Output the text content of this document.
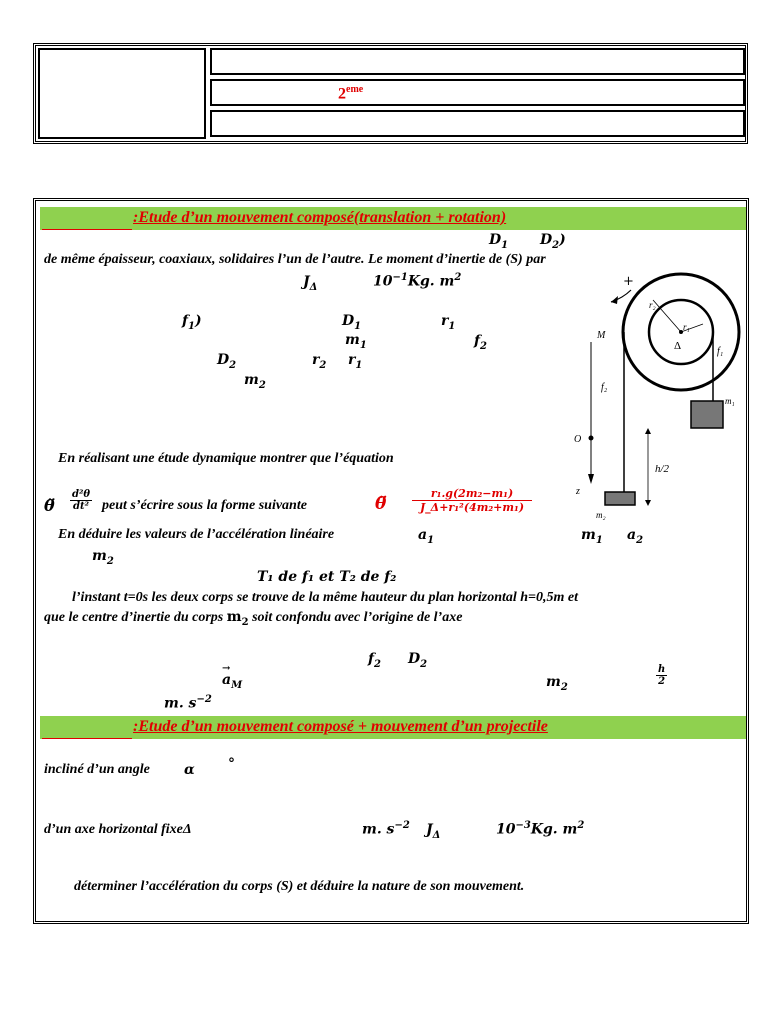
2eme
:Etude d’un mouvement composé(translation + rotation)
$D_1$ $D_2$)
de même épaisseur, coaxiaux, solidaires l’un de l’autre. Le moment d’inertie de (S) par
$J_\Delta$	$10^{-1}Kg$. $m^2$
$f_1$)	$D_1$	$r_1$
$m_1$	$f_2$
$D_2$	$r_2$ $r_1$
$m_2$
+
r₂
r₁
Δ
M
f₁
f₂
m₁
O
z
m₂
h/2
En réalisant une étude dynamique montrer que l’équation
θ̈ $\frac{\text{d²θ}}{\text{dt²}}$ peut s’écrire sous la forme suivante	θ̈ $\frac{\text{r₁.g(2m₂−m₁)}}{\text{J\_Δ+r₁²(4m₂+m₁)}}$
En déduire les valeurs de l’accélération linéaire	$a_1$	$m_1$ $a_2$
$m_2$
T₁ de f₁ et T₂ de f₂
l’instant t=0s les deux corps se trouve de la même hauteur du plan horizontal h=0,5m et
que le centre d’inertie du corps $m_2$ soit confondu avec l’origine de l’axe
$f_2$ $D_2$
→
$a_M$	$m_2$
$\frac{h}{2}$
m. $s^{-2}$
:Etude d’un mouvement composé + mouvement d’un projectile
incliné d’un angle α °
d’un axe horizontal fixeΔ	m. $s^{-2}$ $J_\Delta$	$10^{-3}Kg$. $m^2$
déterminer l’accélération du corps (S) et déduire la nature de son mouvement.
